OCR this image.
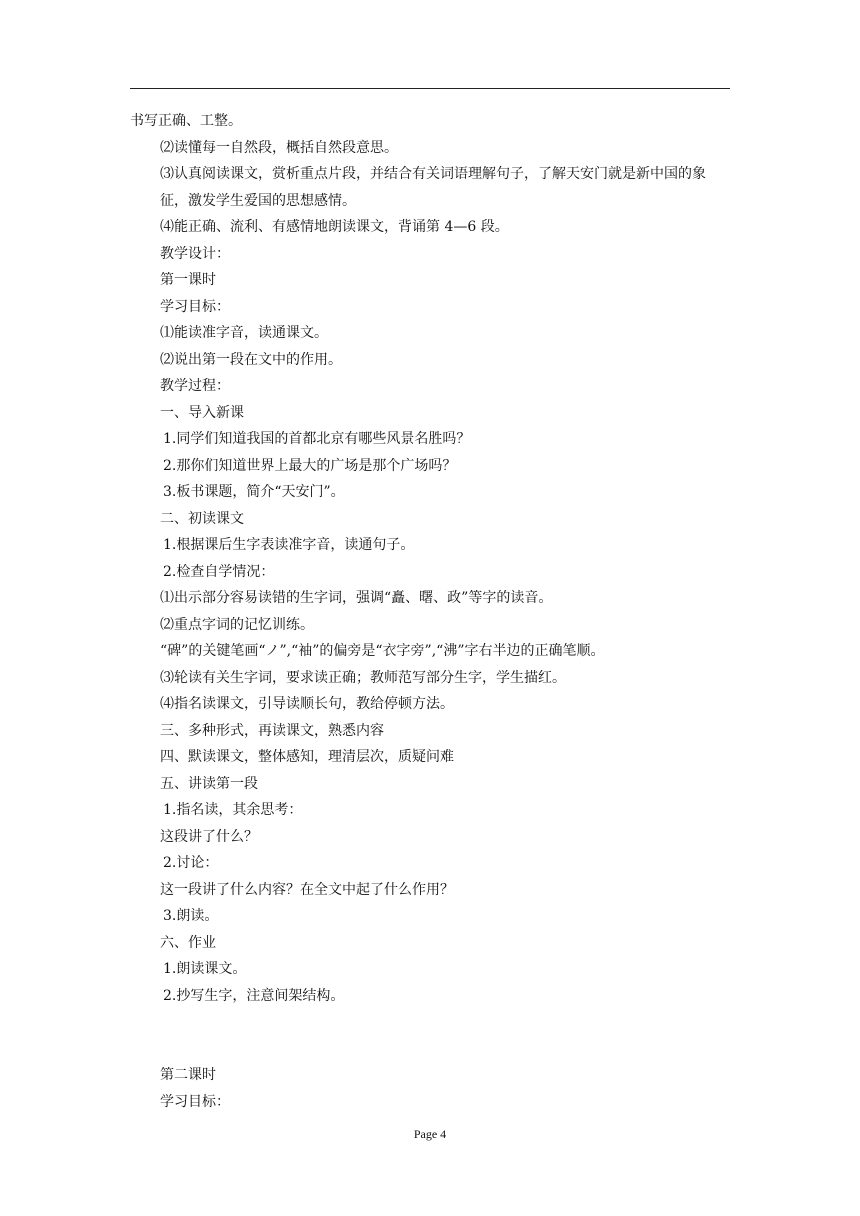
书写正确、工整。
⑵读懂每一自然段，概括自然段意思。
⑶认真阅读课文，赏析重点片段，并结合有关词语理解句子，了解天安门就是新中国的象征，激发学生爱国的思想感情。
⑷能正确、流利、有感情地朗读课文，背诵第 4—6 段。
教学设计：
第一课时
学习目标：
⑴能读准字音，读通课文。
⑵说出第一段在文中的作用。
教学过程：
一、导入新课
1.同学们知道我国的首都北京有哪些风景名胜吗？
2.那你们知道世界上最大的广场是那个广场吗？
3.板书课题，简介“天安门”。
二、初读课文
1.根据课后生字表读准字音，读通句子。
2.检查自学情况：
⑴出示部分容易读错的生字词，强调“矗、曙、政”等字的读音。
⑵重点字词的记忆训练。
“碑”的关键笔画“ノ”,“袖”的偏旁是“衣字旁”,“沸”字右半边的正确笔顺。
⑶轮读有关生字词，要求读正确；教师范写部分生字，学生描红。
⑷指名读课文，引导读顺长句，教给停顿方法。
三、多种形式，再读课文，熟悉内容
四、默读课文，整体感知，理清层次，质疑问难
五、讲读第一段
1.指名读，其余思考：
这段讲了什么？
2.讨论：
这一段讲了什么内容？在全文中起了什么作用？
3.朗读。
六、作业
1.朗读课文。
2.抄写生字，注意间架结构。
第二课时
学习目标：
Page 4
